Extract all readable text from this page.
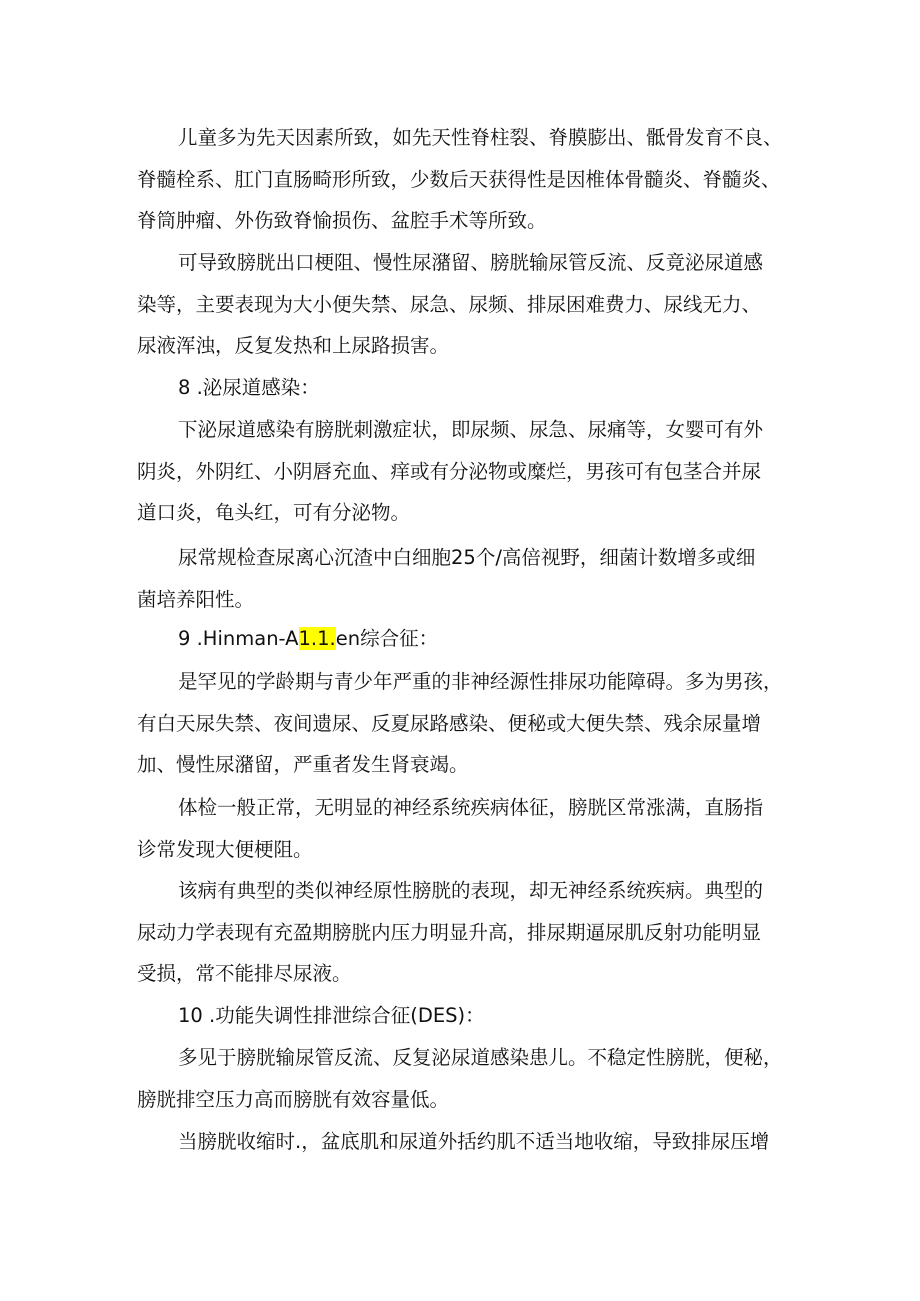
儿童多为先天因素所致，如先天性脊柱裂、脊膜膨出、骶骨发育不良、
脊髓栓系、肛门直肠畸形所致，少数后天获得性是因椎体骨髓炎、脊髓炎、
脊筒肿瘤、外伤致脊愉损伤、盆腔手术等所致。
可导致膀胱出口梗阻、慢性尿潴留、膀胱输尿管反流、反竟泌尿道感
染等，主要表现为大小便失禁、尿急、尿频、排尿困难费力、尿线无力、
尿液浑浊，反复发热和上尿路损害。

8 .泌尿道感染：

下泌尿道感染有膀胱刺激症状，即尿频、尿急、尿痛等，女婴可有外
阴炎，外阴红、小阴唇充血、痒或有分泌物或糜烂，男孩可有包茎合并尿
道口炎，龟头红，可有分泌物。
尿常规检查尿离心沉渣中白细胞25个/高倍视野，细菌计数增多或细
菌培养阳性。

9 .Hinman-A1.1.en综合征：

是罕见的学龄期与青少年严重的非神经源性排尿功能障碍。多为男孩，
有白天尿失禁、夜间遗尿、反夏尿路感染、便秘或大便失禁、残余尿量增
加、慢性尿潴留，严重者发生肾衰竭。
体检一般正常，无明显的神经系统疾病体征，膀胱区常涨满，直肠指
诊常发现大便梗阻。
该病有典型的类似神经原性膀胱的表现，却无神经系统疾病。典型的
尿动力学表现有充盈期膀胱内压力明显升高，排尿期逼尿肌反射功能明显
受损，常不能排尽尿液。

10 .功能失调性排泄综合征(DES)：

多见于膀胱输尿管反流、反复泌尿道感染患儿。不稳定性膀胱，便秘，
膀胱排空压力高而膀胱有效容量低。
当膀胱收缩时.，盆底肌和尿道外括约肌不适当地收缩，导致排尿压增
